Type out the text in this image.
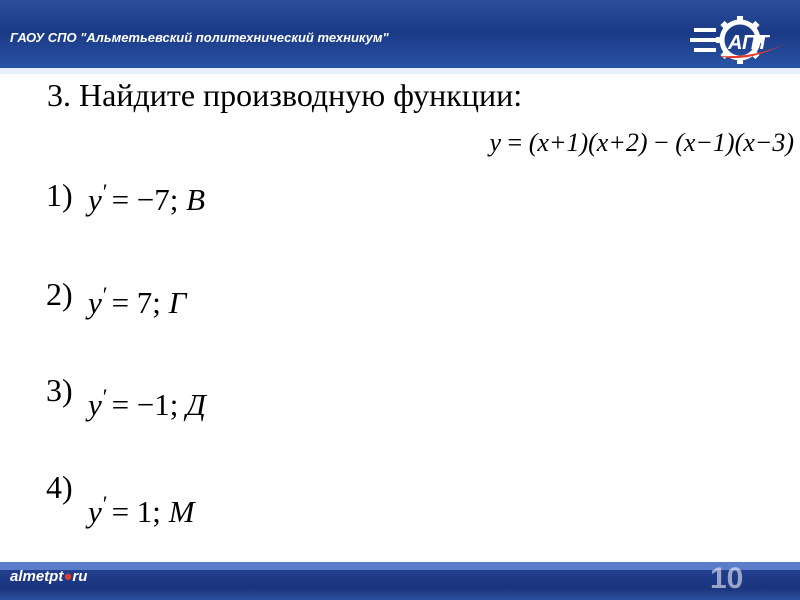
ГАОУ СПО "Альметьевский политехнический техникум"	АПТ
3. Найдите производную функции:
y = (x+1)(x+2) − (x−1)(x−3)
1) y′ = −7; В
2) y′ = 7; Г
3) y′ = −1; Д
4)
y′ = 1; М
almetpt●ru	10
